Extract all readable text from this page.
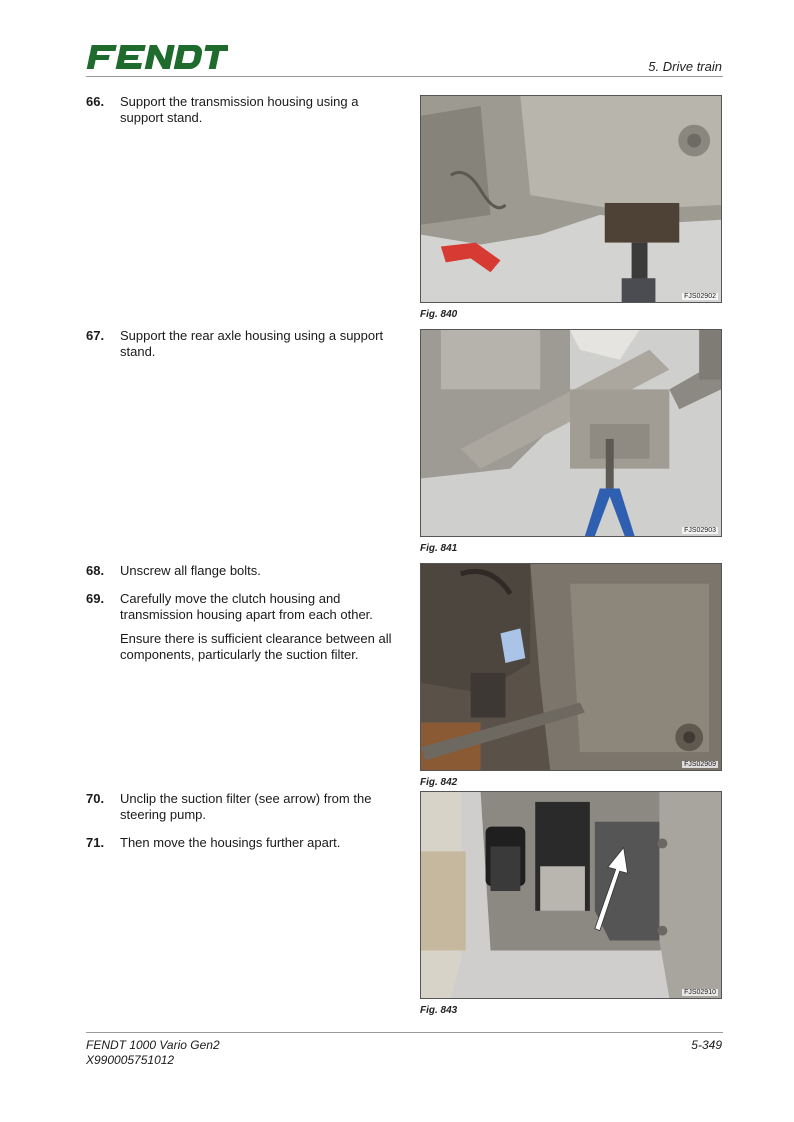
5. Drive train
66. Support the transmission housing using a support stand.
67. Support the rear axle housing using a support stand.
68. Unscrew all flange bolts.
69. Carefully move the clutch housing and transmission housing apart from each other.
Ensure there is sufficient clearance between all components, particularly the suction filter.
70. Unclip the suction filter (see arrow) from the steering pump.
71. Then move the housings further apart.
FJS02902
Fig. 840
FJS02903
Fig. 841
FJS02909
Fig. 842
FJS02910
Fig. 843
FENDT 1000 Vario Gen2
X990005751012
5-349
